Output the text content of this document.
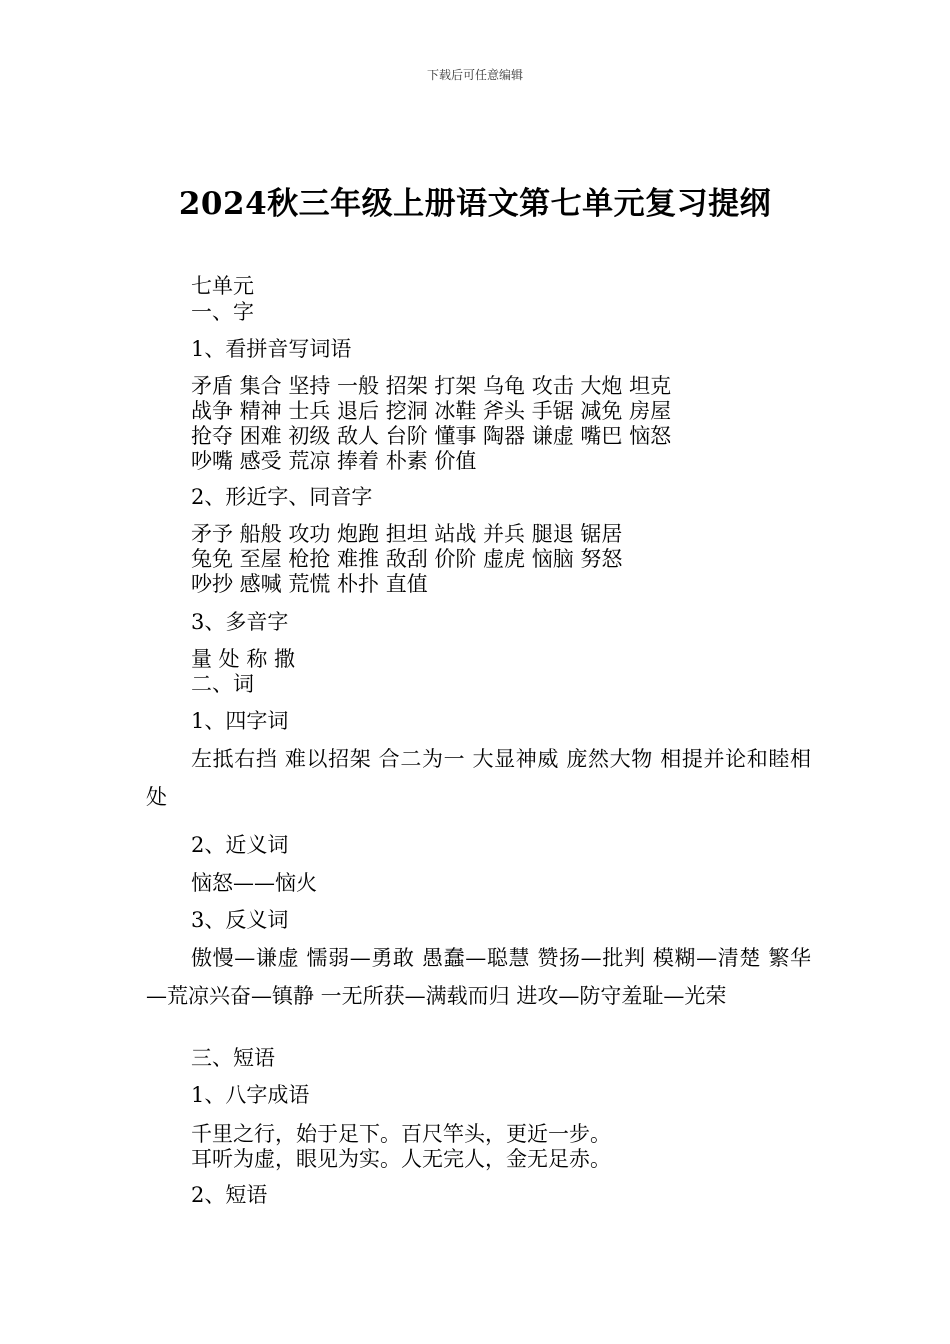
下载后可任意编辑
2024秋三年级上册语文第七单元复习提纲
七单元
一、字
1、看拼音写词语
矛盾 集合 坚持 一般 招架 打架 乌龟 攻击 大炮 坦克
战争 精神 士兵 退后 挖洞 冰鞋 斧头 手锯 减免 房屋
抢夺 困难 初级 敌人 台阶 懂事 陶器 谦虚 嘴巴 恼怒
吵嘴 感受 荒凉 捧着 朴素 价值
2、形近字、同音字
矛予 船般 攻功 炮跑 担坦 站战 并兵 腿退 锯居
兔免 至屋 枪抢 难推 敌刮 价阶 虚虎 恼脑 努怒
吵抄 感喊 荒慌 朴扑 直值
3、多音字
量 处 称 撒
二、词
1、四字词
左抵右挡 难以招架 合二为一 大显神威 庞然大物 相提并论和睦相处
2、近义词
恼怒——恼火
3、反义词
傲慢—谦虚 懦弱—勇敢 愚蠢—聪慧 赞扬—批判 模糊—清楚 繁华—荒凉兴奋—镇静 一无所获—满载而归 进攻—防守羞耻—光荣
三、短语
1、八字成语
千里之行，始于足下。百尺竿头，更近一步。
耳听为虚，眼见为实。人无完人，金无足赤。
2、短语
